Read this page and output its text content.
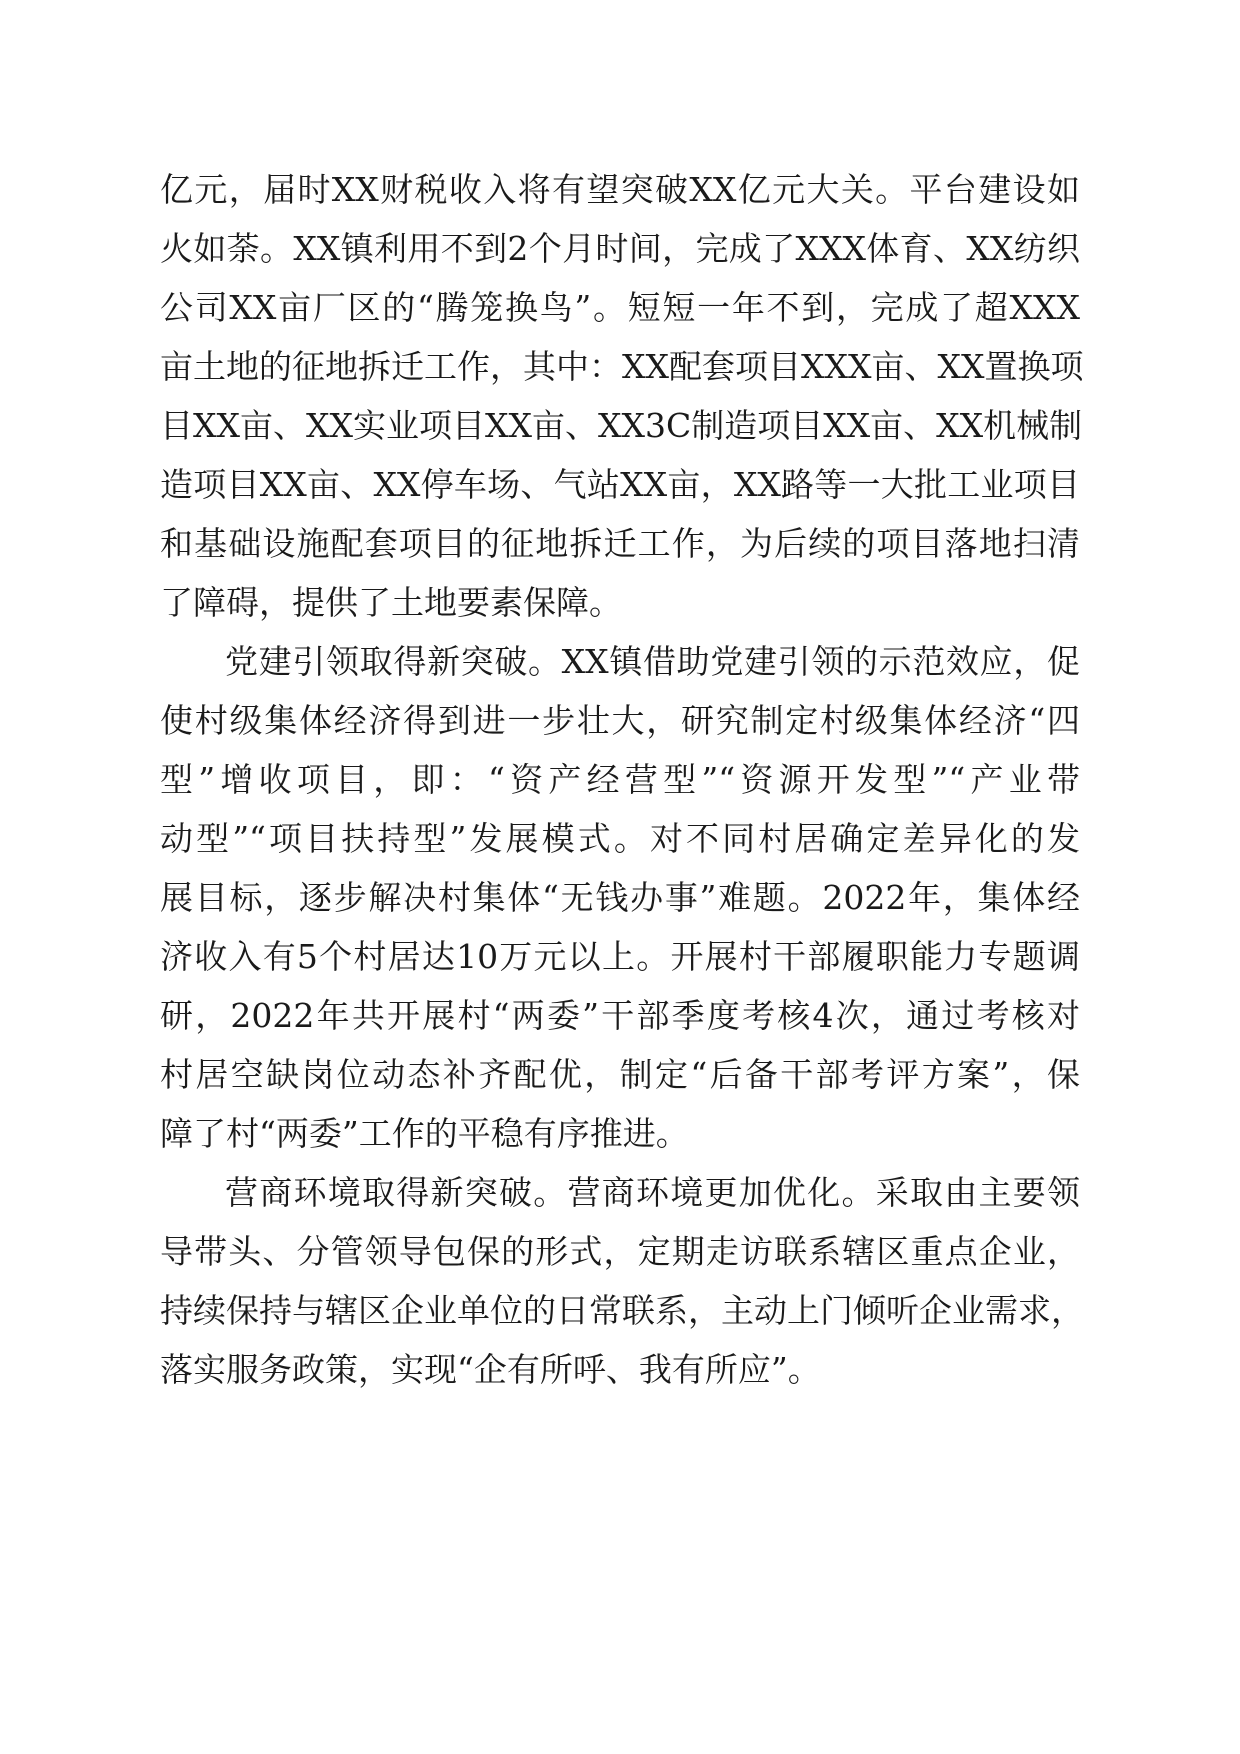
亿元，届时XX财税收入将有望突破XX亿元大关。平台建设如
火如荼。XX镇利用不到2个月时间，完成了XXX体育、XX纺织
公司XX亩厂区的“腾笼换鸟”。短短一年不到，完成了超XXX
亩土地的征地拆迁工作，其中：XX配套项目XXX亩、XX置换项
目XX亩、XX实业项目XX亩、XX3C制造项目XX亩、XX机械制
造项目XX亩、XX停车场、气站XX亩，XX路等一大批工业项目
和基础设施配套项目的征地拆迁工作，为后续的项目落地扫清
了障碍，提供了土地要素保障。
党建引领取得新突破。XX镇借助党建引领的示范效应，促
使村级集体经济得到进一步壮大，研究制定村级集体经济“四
型”增收项目，即：“资产经营型”“资源开发型”“产业带
动型”“项目扶持型”发展模式。对不同村居确定差异化的发
展目标，逐步解决村集体“无钱办事”难题。2022年，集体经
济收入有5个村居达10万元以上。开展村干部履职能力专题调
研，2022年共开展村“两委”干部季度考核4次，通过考核对
村居空缺岗位动态补齐配优，制定“后备干部考评方案”，保
障了村“两委”工作的平稳有序推进。
营商环境取得新突破。营商环境更加优化。采取由主要领
导带头、分管领导包保的形式，定期走访联系辖区重点企业，
持续保持与辖区企业单位的日常联系，主动上门倾听企业需求，
落实服务政策，实现“企有所呼、我有所应”。
